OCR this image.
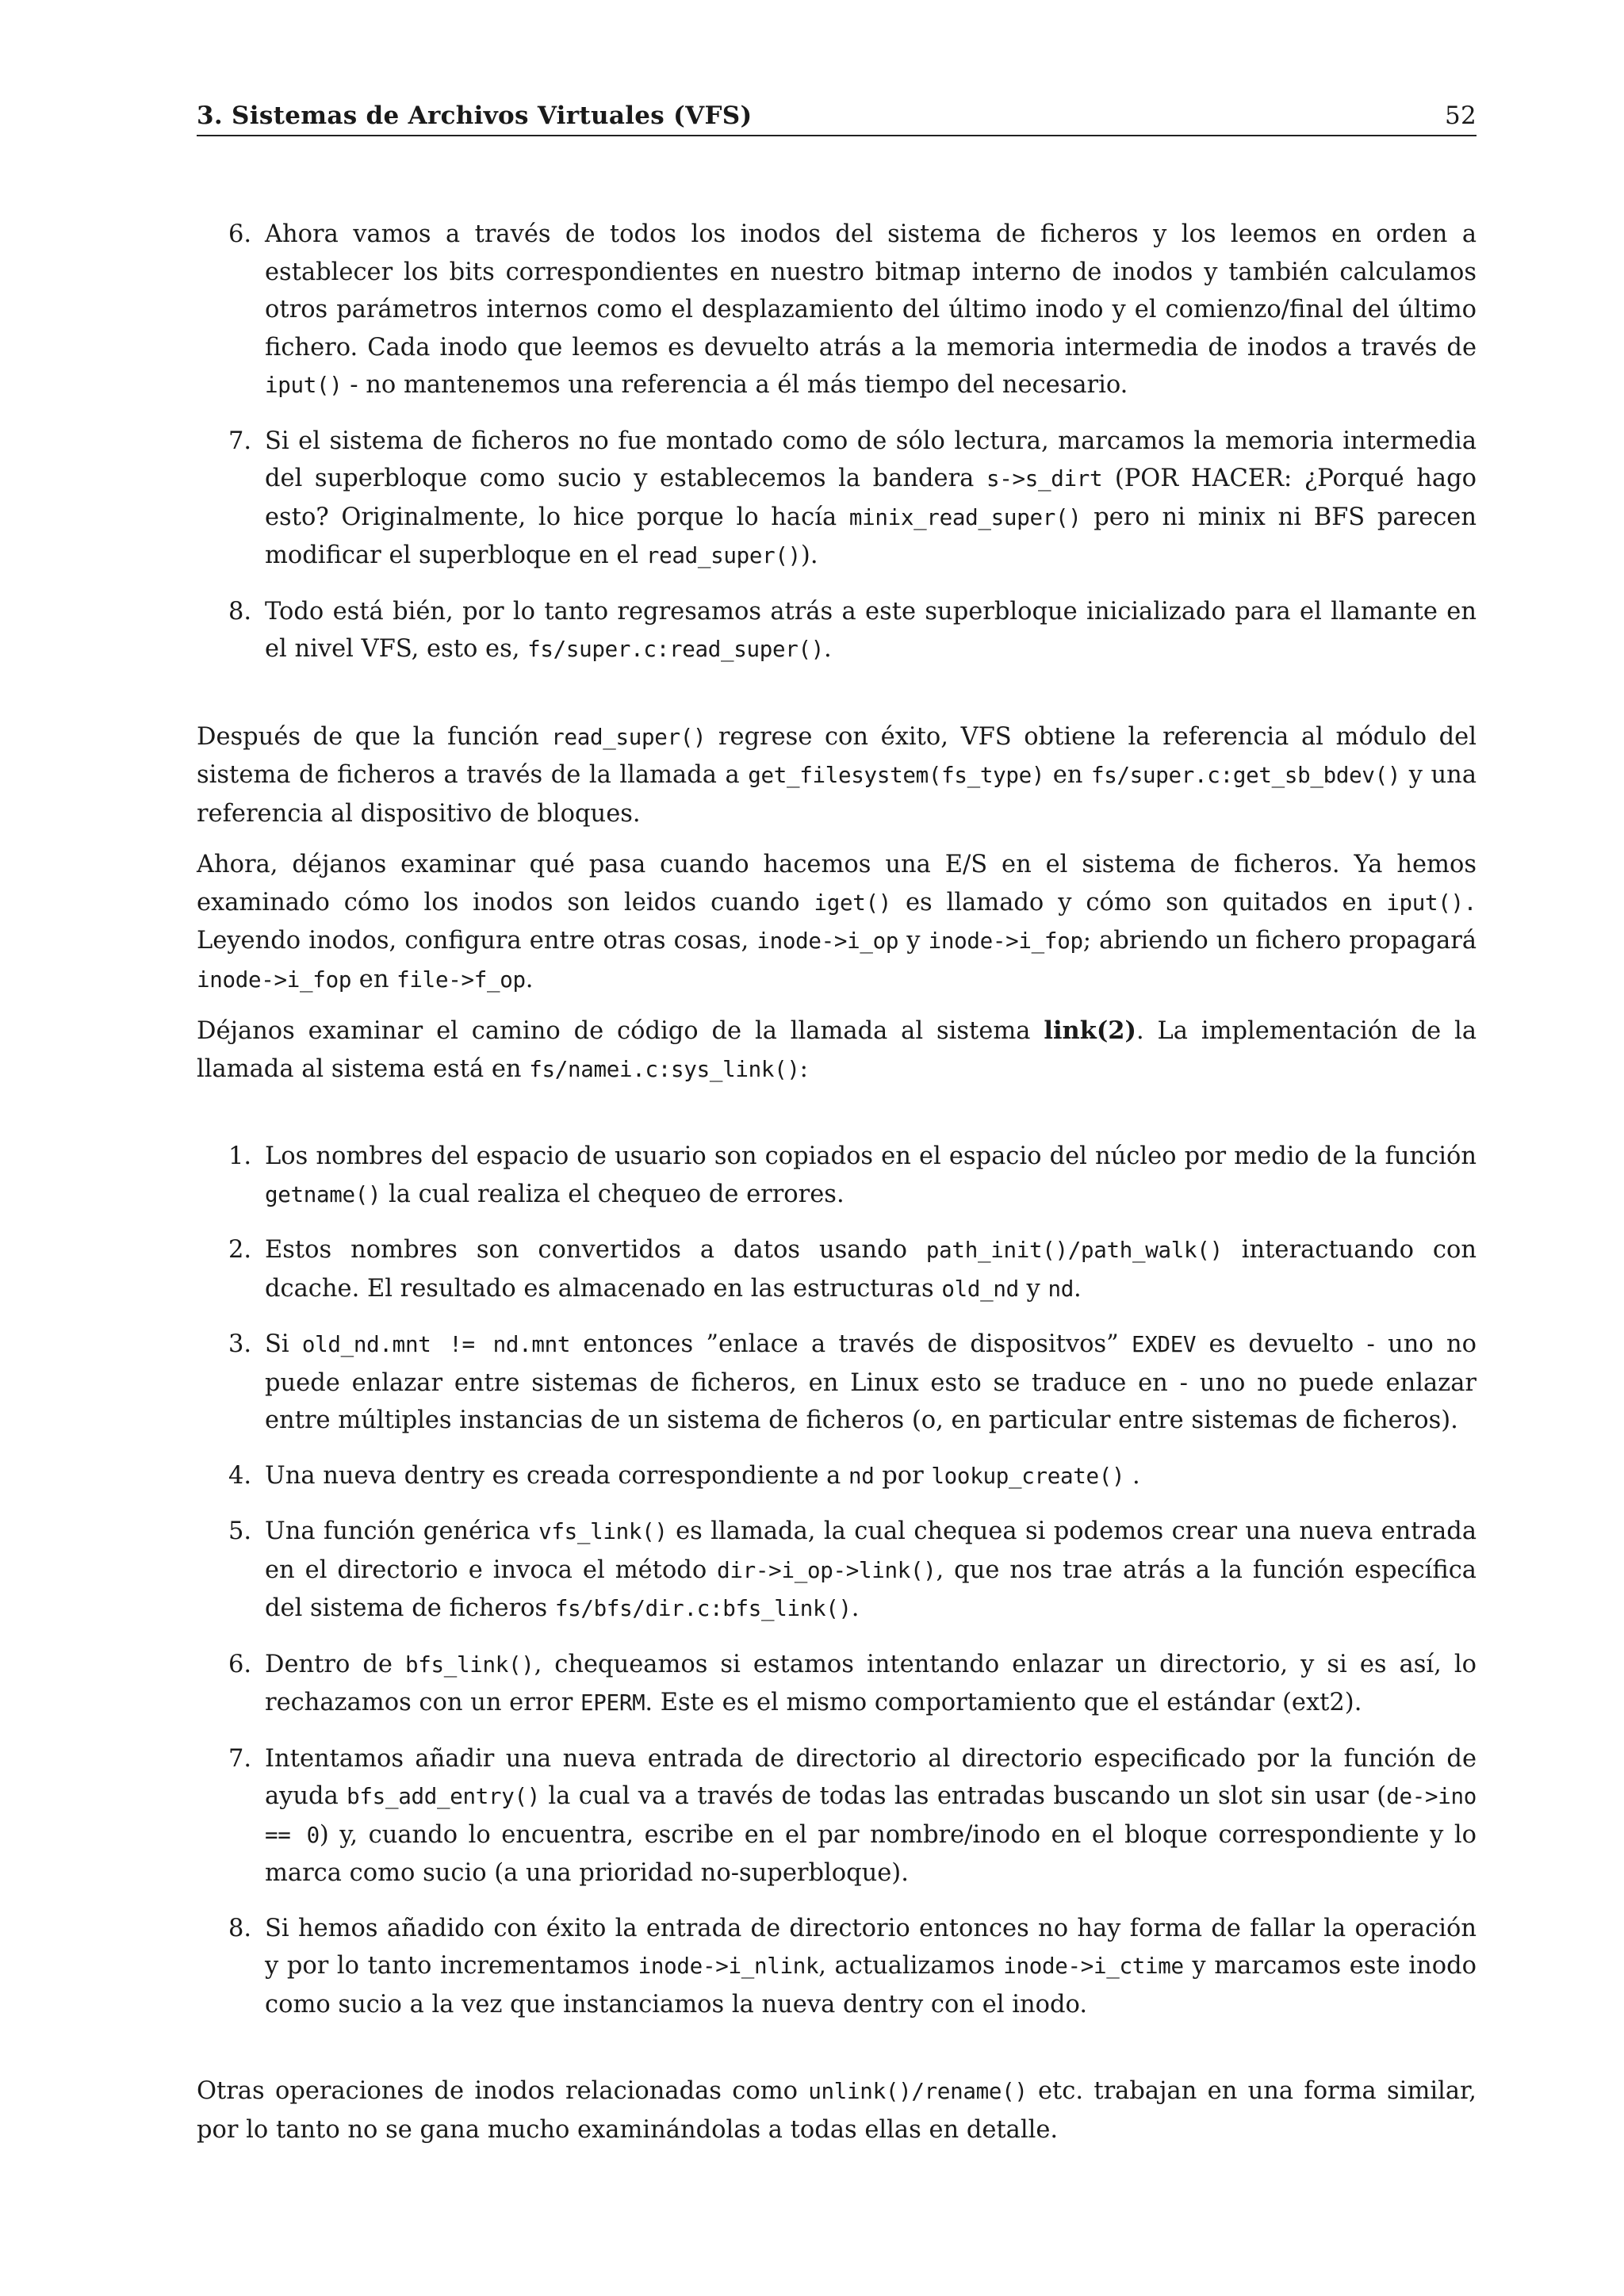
3. Sistemas de Archivos Virtuales (VFS)	52
6. Ahora vamos a través de todos los inodos del sistema de ficheros y los leemos en orden a establecer los bits correspondientes en nuestro bitmap interno de inodos y también calculamos otros parámetros internos como el desplazamiento del último inodo y el comienzo/final del último fichero. Cada inodo que leemos es devuelto atrás a la memoria intermedia de inodos a través de iput() - no mantenemos una referencia a él más tiempo del necesario.
7. Si el sistema de ficheros no fue montado como de sólo lectura, marcamos la memoria intermedia del superbloque como sucio y establecemos la bandera s->s_dirt (POR HACER: ¿Porqué hago esto? Originalmente, lo hice porque lo hacía minix_read_super() pero ni minix ni BFS parecen modificar el superbloque en el read_super()).
8. Todo está bién, por lo tanto regresamos atrás a este superbloque inicializado para el llamante en el nivel VFS, esto es, fs/super.c:read_super().

Después de que la función read_super() regrese con éxito, VFS obtiene la referencia al módulo del sistema de ficheros a través de la llamada a get_filesystem(fs_type) en fs/super.c:get_sb_bdev() y una referencia al dispositivo de bloques.

Ahora, déjanos examinar qué pasa cuando hacemos una E/S en el sistema de ficheros. Ya hemos examinado cómo los inodos son leidos cuando iget() es llamado y cómo son quitados en iput(). Leyendo inodos, configura entre otras cosas, inode->i_op y inode->i_fop; abriendo un fichero propagará inode->i_fop en file->f_op.

Déjanos examinar el camino de código de la llamada al sistema link(2). La implementación de la llamada al sistema está en fs/namei.c:sys_link():

1. Los nombres del espacio de usuario son copiados en el espacio del núcleo por medio de la función getname() la cual realiza el chequeo de errores.
2. Estos nombres son convertidos a datos usando path_init()/path_walk() interactuando con dcache. El resultado es almacenado en las estructuras old_nd y nd.
3. Si old_nd.mnt != nd.mnt entonces ”enlace a través de dispositvos” EXDEV es devuelto - uno no puede enlazar entre sistemas de ficheros, en Linux esto se traduce en - uno no puede enlazar entre múltiples instancias de un sistema de ficheros (o, en particular entre sistemas de ficheros).
4. Una nueva dentry es creada correspondiente a nd por lookup_create() .
5. Una función genérica vfs_link() es llamada, la cual chequea si podemos crear una nueva entrada en el directorio e invoca el método dir->i_op->link(), que nos trae atrás a la función específica del sistema de ficheros fs/bfs/dir.c:bfs_link().
6. Dentro de bfs_link(), chequeamos si estamos intentando enlazar un directorio, y si es así, lo rechazamos con un error EPERM. Este es el mismo comportamiento que el estándar (ext2).
7. Intentamos añadir una nueva entrada de directorio al directorio especificado por la función de ayuda bfs_add_entry() la cual va a través de todas las entradas buscando un slot sin usar (de->ino == 0) y, cuando lo encuentra, escribe en el par nombre/inodo en el bloque correspondiente y lo marca como sucio (a una prioridad no-superbloque).
8. Si hemos añadido con éxito la entrada de directorio entonces no hay forma de fallar la operación y por lo tanto incrementamos inode->i_nlink, actualizamos inode->i_ctime y marcamos este inodo como sucio a la vez que instanciamos la nueva dentry con el inodo.

Otras operaciones de inodos relacionadas como unlink()/rename() etc. trabajan en una forma similar, por lo tanto no se gana mucho examinándolas a todas ellas en detalle.
